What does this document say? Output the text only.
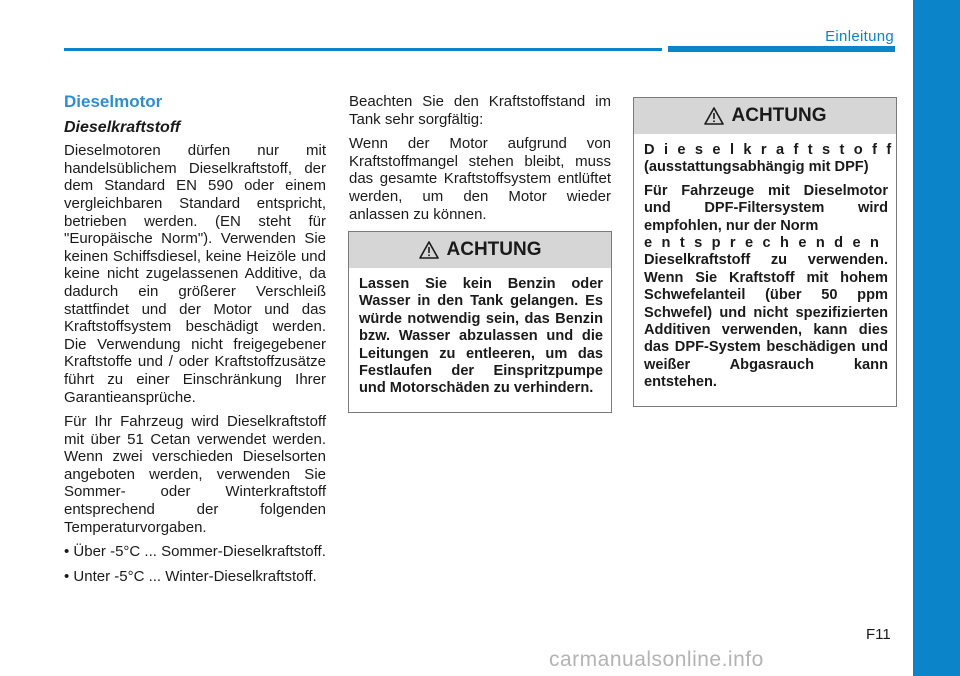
Einleitung
Dieselmotor
Dieselkraftstoff

Dieselmotoren dürfen nur mit handelsüblichem Dieselkraftstoff, der dem Standard EN 590 oder einem vergleichbaren Standard entspricht, betrieben werden. (EN steht für "Europäische Norm"). Verwenden Sie keinen Schiffsdiesel, keine Heizöle und keine nicht zugelassenen Additive, da dadurch ein größerer Verschleiß stattfindet und der Motor und das Kraftstoffsystem beschädigt werden. Die Verwendung nicht freigegebener Kraftstoffe und / oder Kraftstoffzusätze führt zu einer Einschränkung Ihrer Garantieansprüche.

Für Ihr Fahrzeug wird Dieselkraftstoff mit über 51 Cetan verwendet werden. Wenn zwei verschieden Dieselsorten angeboten werden, verwenden Sie Sommer- oder Winterkraftstoff entsprechend der folgenden Temperaturvorgaben.

• Über -5°C ... Sommer-Dieselkraftstoff.

• Unter -5°C ... Winter-Dieselkraftstoff.

Beachten Sie den Kraftstoffstand im Tank sehr sorgfältig:

Wenn der Motor aufgrund von Kraftstoffmangel stehen bleibt, muss das gesamte Kraftstoffsystem entlüftet werden, um den Motor wieder anlassen zu können.

ACHTUNG

Lassen Sie kein Benzin oder Wasser in den Tank gelangen. Es würde notwendig sein, das Benzin bzw. Wasser abzulassen und die Leitungen zu entleeren, um das Festlaufen der Einspritzpumpe und Motorschäden zu verhindern.

ACHTUNG

Dieselkraftstoff
(ausstattungsabhängig mit DPF)

Für Fahrzeuge mit Dieselmotor und DPF-Filtersystem wird empfohlen, nur der Norm
entsprechenden
Dieselkraftstoff zu verwenden. Wenn Sie Kraftstoff mit hohem Schwefelanteil (über 50 ppm Schwefel) und nicht spezifizierten Additiven verwenden, kann dies das DPF-System beschädigen und weißer Abgasrauch kann entstehen.

F11
carmanualsonline.info
